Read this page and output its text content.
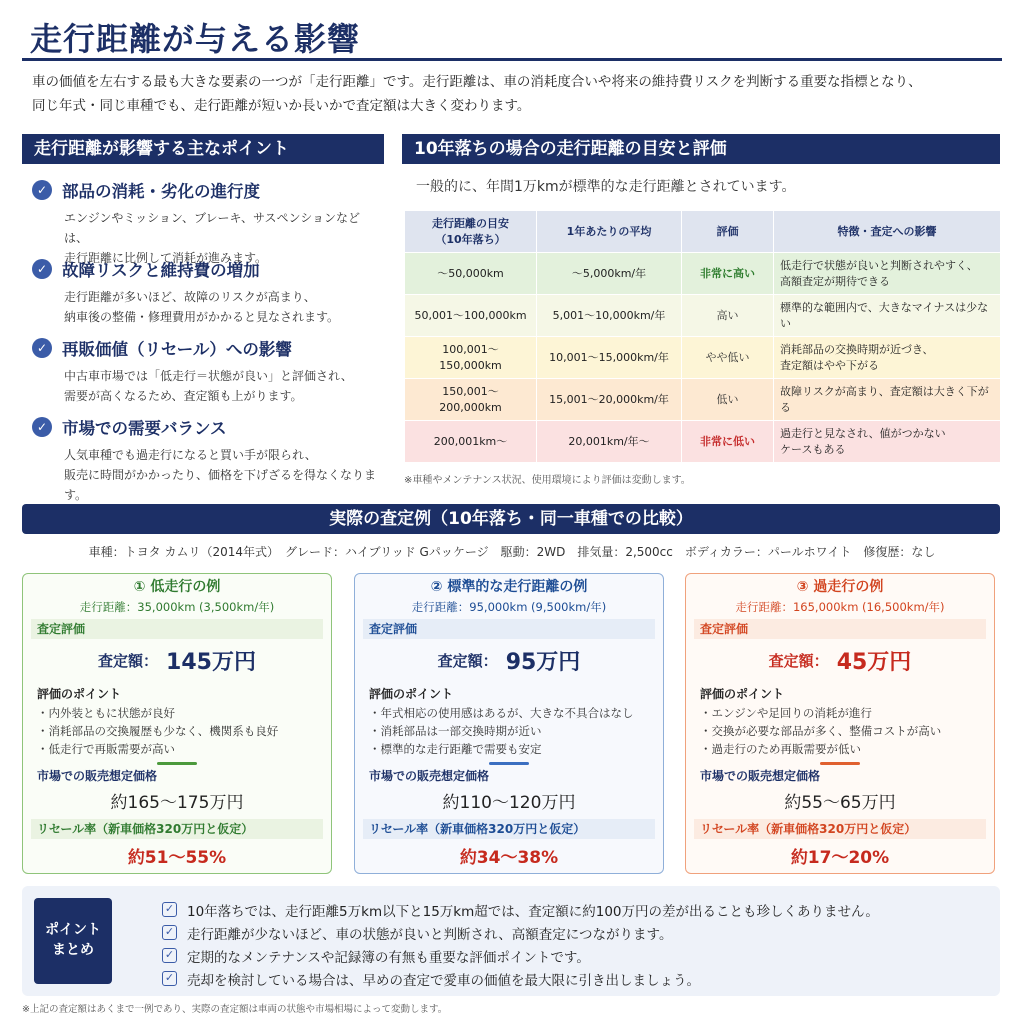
走行距離が与える影響
車の価値を左右する最も大きな要素の一つが「走行距離」です。走行距離は、車の消耗度合いや将来の維持費リスクを判断する重要な指標となり、
同じ年式・同じ車種でも、走行距離が短いか長いかで査定額は大きく変わります。
走行距離が影響する主なポイント
✓ 部品の消耗・劣化の進行度
エンジンやミッション、ブレーキ、サスペンションなどは、
走行距離に比例して消耗が進みます。
✓ 故障リスクと維持費の増加
走行距離が多いほど、故障のリスクが高まり、
納車後の整備・修理費用がかかると見なされます。
✓ 再販価値（リセール）への影響
中古車市場では「低走行＝状態が良い」と評価され、
需要が高くなるため、査定額も上がります。
✓ 市場での需要バランス
人気車種でも過走行になると買い手が限られ、
販売に時間がかかったり、価格を下げざるを得なくなります。
10年落ちの場合の走行距離の目安と評価
一般的に、年間1万kmが標準的な走行距離とされています。
走行距離の目安
（10年落ち）	1年あたりの平均	評価	特徴・査定への影響
〜50,000km	〜5,000km/年	非常に高い	低走行で状態が良いと判断されやすく、
高額査定が期待できる
50,001〜100,000km	5,001〜10,000km/年	高い	標準的な範囲内で、大きなマイナスは少ない
100,001〜150,000km	10,001〜15,000km/年	やや低い	消耗部品の交換時期が近づき、
査定額はやや下がる
150,001〜200,000km	15,001〜20,000km/年	低い	故障リスクが高まり、査定額は大きく下がる
200,001km〜	20,001km/年〜	非常に低い	過走行と見なされ、値がつかない
ケースもある
※車種やメンテナンス状況、使用環境により評価は変動します。
実際の査定例（10年落ち・同一車種での比較）
車種：トヨタ カムリ（2014年式）　グレード：ハイブリッド Gパッケージ　駆動：2WD　排気量：2,500cc　ボディカラー：パールホワイト　修復歴：なし
① 低走行の例
走行距離：35,000km (3,500km/年)
査定評価
査定額： 145万円
評価のポイント
・ 内外装ともに状態が良好
・ 消耗部品の交換履歴も少なく、機関系も良好
・ 低走行で再販需要が高い
市場での販売想定価格
約165〜175万円
リセール率（新車価格320万円と仮定）
約51〜55%
② 標準的な走行距離の例
走行距離：95,000km (9,500km/年)
査定評価
査定額： 95万円
評価のポイント
・ 年式相応の使用感はあるが、大きな不具合はなし
・ 消耗部品は一部交換時期が近い
・ 標準的な走行距離で需要も安定
市場での販売想定価格
約110〜120万円
リセール率（新車価格320万円と仮定）
約34〜38%
③ 過走行の例
走行距離：165,000km (16,500km/年)
査定評価
査定額： 45万円
評価のポイント
・ エンジンや足回りの消耗が進行
・ 交換が必要な部品が多く、整備コストが高い
・ 過走行のため再販需要が低い
市場での販売想定価格
約55〜65万円
リセール率（新車価格320万円と仮定）
約17〜20%
ポイント
まとめ
✓ 10年落ちでは、走行距離5万km以下と15万km超では、査定額に約100万円の差が出ることも珍しくありません。
✓ 走行距離が少ないほど、車の状態が良いと判断され、高額査定につながります。
✓ 定期的なメンテナンスや記録簿の有無も重要な評価ポイントです。
✓ 売却を検討している場合は、早めの査定で愛車の価値を最大限に引き出しましょう。
※上記の査定額はあくまで一例であり、実際の査定額は車両の状態や市場相場によって変動します。
